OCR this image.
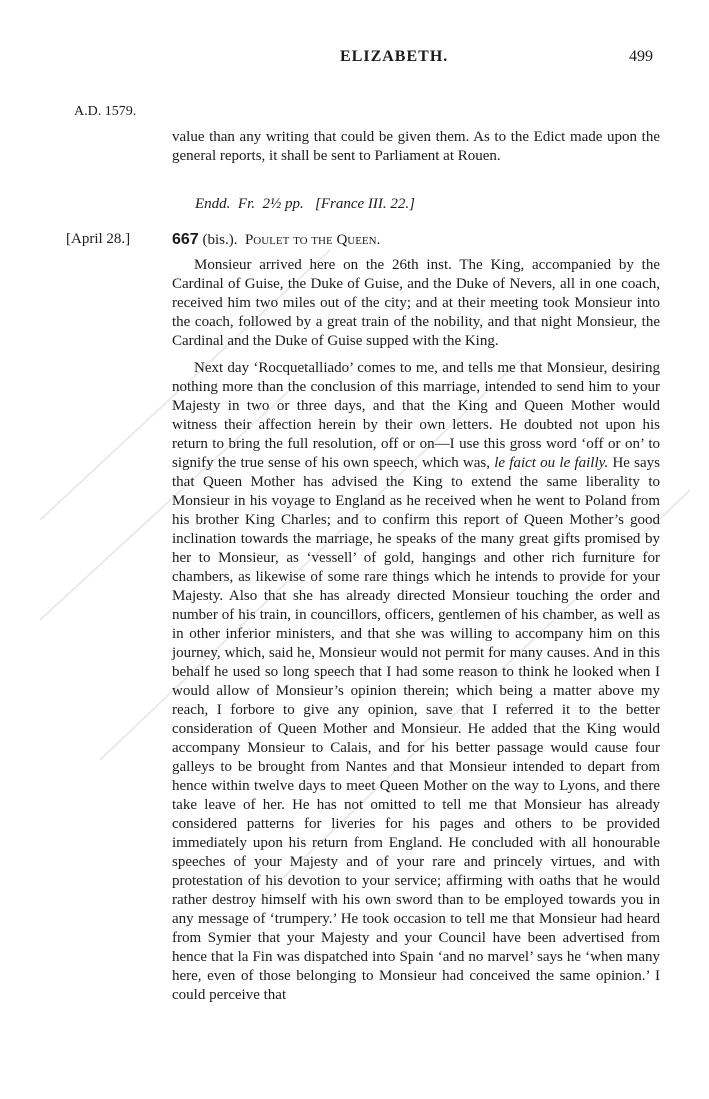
ELIZABETH.	499
A.D. 1579.

value than any writing that could be given them. As to the Edict made upon the general reports, it shall be sent to Parliament at Rouen.

Endd. Fr. 2½ pp. [France III. 22.]
[April 28.]	667 (bis.). Poulet to the Queen.

Monsieur arrived here on the 26th inst. The King, accompanied by the Cardinal of Guise, the Duke of Guise, and the Duke of Nevers, all in one coach, received him two miles out of the city; and at their meeting took Monsieur into the coach, followed by a great train of the nobility, and that night Monsieur, the Cardinal and the Duke of Guise supped with the King.

Next day ‘Rocquetalliado’ comes to me, and tells me that Monsieur, desiring nothing more than the conclusion of this marriage, intended to send him to your Majesty in two or three days, and that the King and Queen Mother would witness their affection herein by their own letters. He doubted not upon his return to bring the full resolution, off or on—I use this gross word ‘off or on’ to signify the true sense of his own speech, which was, le faict ou le failly. He says that Queen Mother has advised the King to extend the same liberality to Monsieur in his voyage to England as he received when he went to Poland from his brother King Charles; and to confirm this report of Queen Mother’s good inclination towards the marriage, he speaks of the many great gifts promised by her to Monsieur, as ‘vessell’ of gold, hangings and other rich furniture for chambers, as likewise of some rare things which he intends to provide for your Majesty. Also that she has already directed Monsieur touching the order and number of his train, in councillors, officers, gentlemen of his chamber, as well as in other inferior ministers, and that she was willing to accompany him on this journey, which, said he, Monsieur would not permit for many causes. And in this behalf he used so long speech that I had some reason to think he looked when I would allow of Monsieur’s opinion therein; which being a matter above my reach, I forbore to give any opinion, save that I referred it to the better consideration of Queen Mother and Monsieur. He added that the King would accompany Monsieur to Calais, and for his better passage would cause four galleys to be brought from Nantes and that Monsieur intended to depart from hence within twelve days to meet Queen Mother on the way to Lyons, and there take leave of her. He has not omitted to tell me that Monsieur has already considered patterns for liveries for his pages and others to be provided immediately upon his return from England. He concluded with all honourable speeches of your Majesty and of your rare and princely virtues, and with protestation of his devotion to your service; affirming with oaths that he would rather destroy himself with his own sword than to be employed towards you in any message of ‘trumpery.’ He took occasion to tell me that Monsieur had heard from Symier that your Majesty and your Council have been advertised from hence that la Fin was dispatched into Spain ‘and no marvel’ says he ‘when many here, even of those belonging to Monsieur had conceived the same opinion.’ I could perceive that
